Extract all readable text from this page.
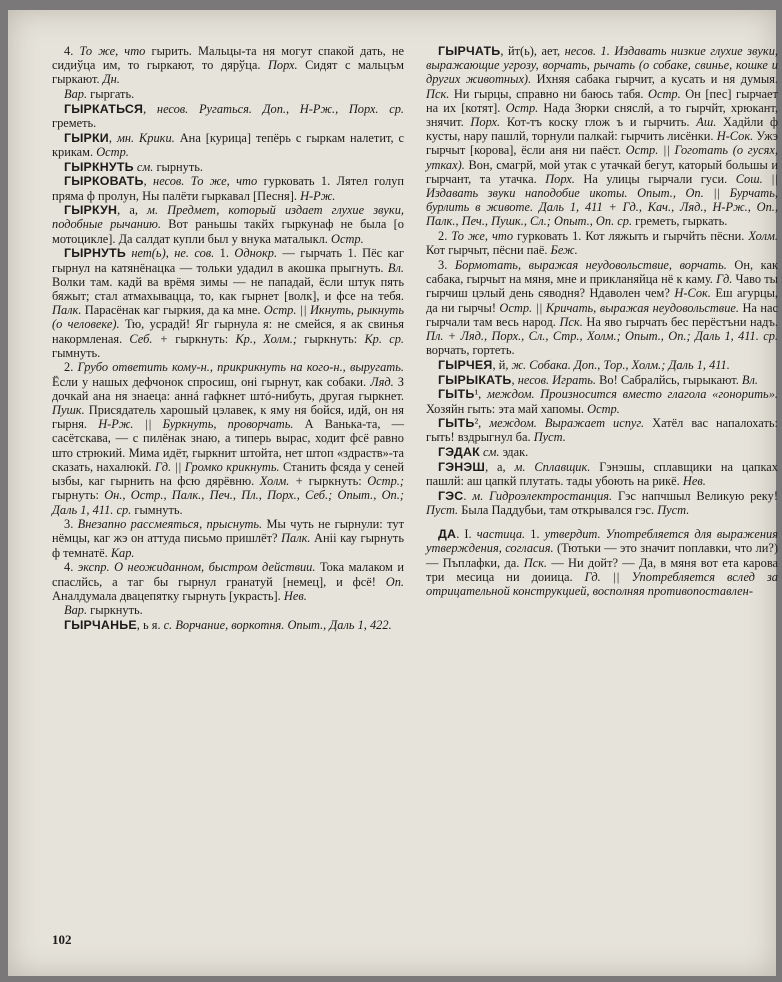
4. То же, что гырить. Мальцы-та ня могут спакой дать, не сидиўца им, то гыркают, то дярўца. Порх. Сидят с мальцъм гыркают. Дн.

Вар. гыргать.

ГЫРКАТЬСЯ, несов. Ругаться. Доп., Н-Рж., Порх. ср. греметь.

ГЫРКИ, мн. Крики. Ана [курица] тепёрь с гыркам налетит, с крикам. Остр.

ГЫРКНУТЬ см. гырнуть.

ГЫРКОВАТЬ, несов. То же, что гурковать 1. Лятел голуп пряма ф пролун, Ны палёти гыркавал [Песня]. Н-Рж.

ГЫРКУН, а, м. Предмет, который издает глухие звуки, подобные рычанию. Вот раньшы такйх гыркунаф не была [о мотоциклe]. Да салдат купли был у внука маталыкл. Остр.

ГЫРНУТЬ нет(ь), не. сов. 1. Однокр. — гырчать 1. Пёс каг гырнул на катянёнацка — тольки удадил в акошка прыгнуть. Вл. Волки там. кадй ва врёмя зимы — не пападай, ёсли штук пять бяжыт; стал атмахывацца, то, как гырнет [волк], и фсе на тебя. Палк. Парасёнак каг гыркия, да ка мне. Остр. || Икнуть, рыкнуть (о человеке). Тю, усрадй! Яг гырнула я: не смейся, я ак свинья накормленая. Себ. + гыркнуть: Кр., Холм.; гыркнуть: Кр. ср. гымнуть.

2. Грубо ответить кому-н., прикрикнуть на кого-н., выругать. Ёсли у нашых дефчонок спросиш, оні гырнут, как собаки. Ляд. З дочкай ана ня знаеца: аннá гафкнет штó-нибуть, другая гыркнет. Пушк. Присядатель харошый цэлавек, к яму ня бойся, идй, он ня гырня. Н-Рж. || Буркнуть, проворчать. А Ванька-та, — сасётскава, — с пилёнак знаю, а типерь вырас, ходит фсё равно што стрюкий. Мима идёт, гыркнит штойта, нет штоп «здраств»-та сказать, нахалюкй. Гд. || Громко крикнуть. Станить фсяда у сеней ызбы, каг гырнить на фсю дярёвню. Холм. + гыркнуть: Остр.; гырнуть: Он., Остр., Палк., Печ., Пл., Порх., Себ.; Опыт., Оп.; Даль 1, 411. ср. гымнуть.

3. Внезапно рассмеяться, прыснуть. Мы чуть не гырнули: тут нёмцы, каг жэ он аттуда письмо пришлёт? Палк. Аніі кау гырнуть ф темнатё. Кар.

4. экспр. О неожиданном, быстром действии. Тока малаком и спаслйсь, а таг бы гырнул гранатуй [немец], и фсё! Оп. Аналдумала двацепятку гырнуть [украсть]. Нев.

Вар. гыркнуть.

ГЫРЧАНЬЕ, ь я. с. Ворчание, воркотня. Опыт., Даль 1, 422.

ГЫРЧАТЬ, йт(ь), ает, несов. 1. Издавать низкие глухие звуки, выражающие угрозу, ворчать, рычать (о собаке, свинье, кошке и других животных). Ихняя сабака гырчит, а кусать и ня думыя. Пск. Ни гырцы, справно ни баюсь табя. Остр. Он [пес] гырчает на их [котят]. Остр. Нада Зюрки сняслй, а то гырчйт, хрюкант, знячит. Порх. Кот-тъ коску глож ъ и гырчить. Аш. Хадйли ф кусты, нару пашлй, торнули палкай: гырчить лисёнки. Н-Сок. Ужэ гырчыт [корова], ёсли аня ни паёст. Остр. || Гоготать (о гусях, утках). Вон, смагрй, мой утак с утачкай бегут, каторый большы и гырчант, та утачка. Порх. На улицы гырчали гуси. Сош. || Издавать звуки наподобие икоты. Опыт., Оп. || Бурчать, бурлить в животе. Даль 1, 411 + Гд., Кач., Ляд., Н-Рж., Оп., Палк., Печ., Пушк., Сл.; Опыт., Оп. ср. греметь, гыркать.

2. То же, что гурковать 1. Кот ляжыть и гырчйть пёсни. Холм. Кот гырчыт, пёсни паё. Беж.

3. Бормотать, выражая неудовольствие, ворчать. Он, как сабака, гырчыт на мяня, мне и прикланяйца нё к каму. Гд. Чаво ты гырчиш цэлый день сяводня? Ндаволен чем? Н-Сок. Еш агурцы, да ни гырчы! Остр. || Кричать, выражая неудовольствие. На нас гырчали там весь народ. Пск. На яво гырчать бес перёстъни надъ. Пл. + Ляд., Порх., Сл., Стр., Холм.; Опыт., Оп.; Даль 1, 411. ср. ворчать, гортеть.

ГЫРЧЕЯ, й, ж. Собака. Доп., Тор., Холм.; Даль 1, 411.

ГЫРЫКАТЬ, несов. Играть. Во! Сабралйсь, гырыкают. Вл.

ГЫТЬ¹, междом. Произносится вместо глагола «гонорить». Хозяйн гыть: эта май хапомы. Остр.

ГЫТЬ², междом. Выражает испуг. Хатёл вас напалохать: гыть! вздрыгнул ба. Пуст.

ГЭДАК см. эдак.

ГЭНЭШ, а, м. Сплавщик. Гэнэшы, сплавщики на цапках пашлй: аш цапкй плутать. тады убоють на рикё. Нев.

ГЭС. м. Гидроэлектростанция. Гэс напчшыл Великую реку! Пуст. Была Паддубьи, там открывался гэс. Пуст.

ДА. I. частица. 1. утвердит. Употребляется для выражения утверждения, согласия. (Тютьки — это значит поплавки, что ли?) — Пъплафки, да. Пск. — Ни дойт? — Да, в мяня вот ета карова три месица ни доиица. Гд. || Употребляется вслед за отрицательной конструкцией, восполняя противопоставлен-

102
